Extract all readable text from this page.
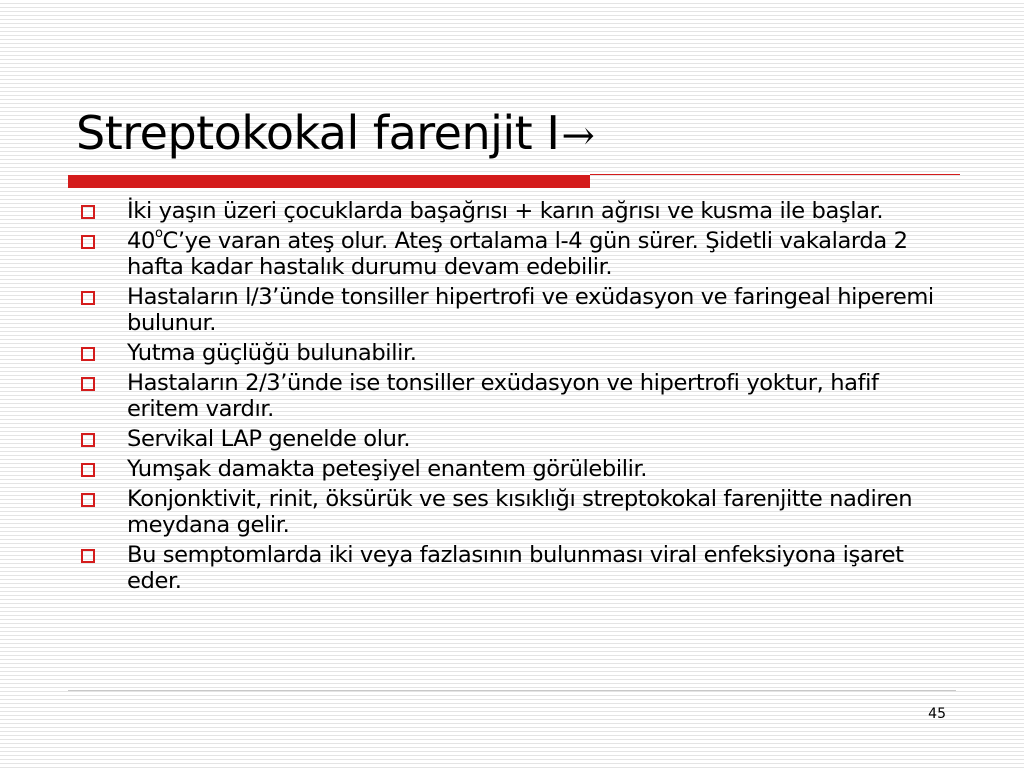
Streptokokal farenjit I→
İki yaşın üzeri çocuklarda başağrısı + karın ağrısı ve kusma ile başlar.
40$^o$C’ye varan ateş olur. Ateş ortalama l-4 gün sürer. Şidetli vakalarda 2 hafta kadar hastalık durumu devam edebilir.
Hastaların l/3’ünde tonsiller hipertrofi ve exüdasyon ve faringeal hiperemi bulunur.
Yutma güçlüğü bulunabilir.
Hastaların 2/3’ünde ise tonsiller exüdasyon ve hipertrofi yoktur, hafif eritem vardır.
Servikal LAP genelde olur.
Yumşak damakta peteşiyel enantem görülebilir.
Konjonktivit, rinit, öksürük ve ses kısıklığı streptokokal farenjitte nadiren meydana gelir.
Bu semptomlarda iki veya fazlasının bulunması viral enfeksiyona işaret eder.
45
